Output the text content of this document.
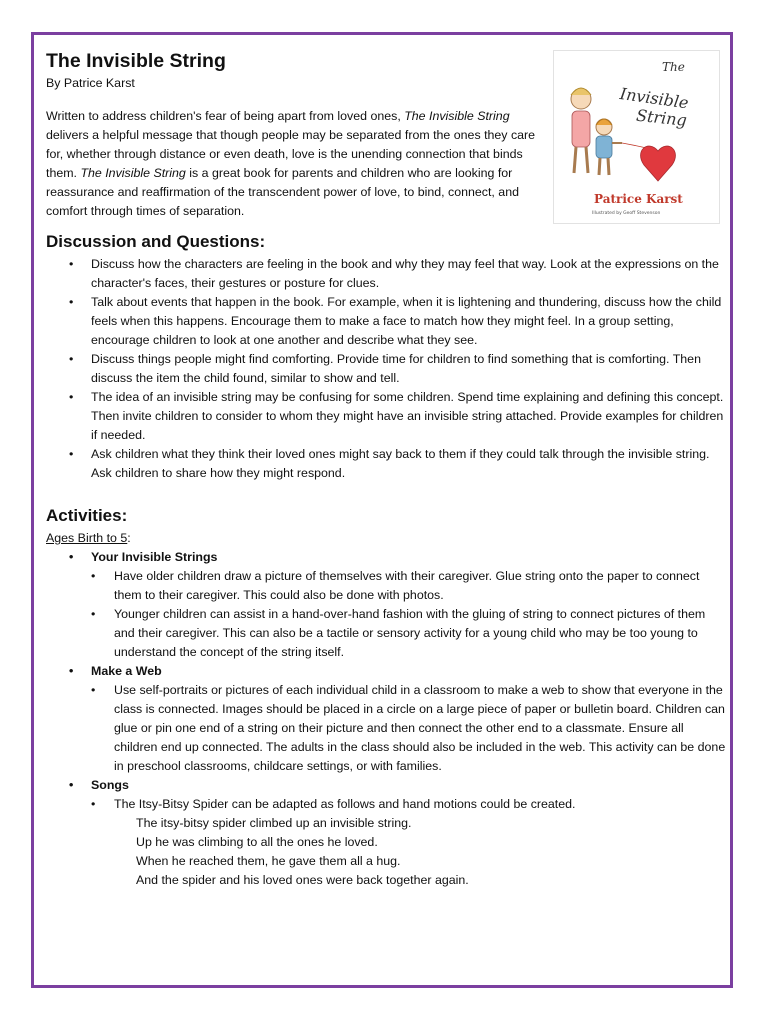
The
Invisible
String
Patrice Karst
Illustrated by Geoff Stevenson
The Invisible String

By Patrice Karst

Written to address children's fear of being apart from loved ones, The Invisible String delivers a helpful message that though people may be separated from the ones they care for, whether through distance or even death, love is the unending connection that binds them. The Invisible String is a great book for parents and children who are looking for reassurance and reaffirmation of the transcendent power of love, to bind, connect, and comfort through times of separation.

Discussion and Questions:
• Discuss how the characters are feeling in the book and why they may feel that way. Look at the expressions on the character's faces, their gestures or posture for clues.
• Talk about events that happen in the book. For example, when it is lightening and thundering, discuss how the child feels when this happens. Encourage them to make a face to match how they might feel. In a group setting, encourage children to look at one another and describe what they see.
• Discuss things people might find comforting. Provide time for children to find something that is comforting. Then discuss the item the child found, similar to show and tell.
• The idea of an invisible string may be confusing for some children. Spend time explaining and defining this concept. Then invite children to consider to whom they might have an invisible string attached. Provide examples for children if needed.
• Ask children what they think their loved ones might say back to them if they could talk through the invisible string. Ask children to share how they might respond.
Activities:
Ages Birth to 5:
• Your Invisible Strings
• Have older children draw a picture of themselves with their caregiver. Glue string onto the paper to connect them to their caregiver. This could also be done with photos.
• Younger children can assist in a hand-over-hand fashion with the gluing of string to connect pictures of them and their caregiver. This can also be a tactile or sensory activity for a young child who may be too young to understand the concept of the string itself.
• Make a Web
• Use self-portraits or pictures of each individual child in a classroom to make a web to show that everyone in the class is connected. Images should be placed in a circle on a large piece of paper or bulletin board. Children can glue or pin one end of a string on their picture and then connect the other end to a classmate. Ensure all children end up connected. The adults in the class should also be included in the web. This activity can be done in preschool classrooms, childcare settings, or with families.
• Songs
• The Itsy-Bitsy Spider can be adapted as follows and hand motions could be created.
The itsy-bitsy spider climbed up an invisible string.
Up he was climbing to all the ones he loved.
When he reached them, he gave them all a hug.
And the spider and his loved ones were back together again.
